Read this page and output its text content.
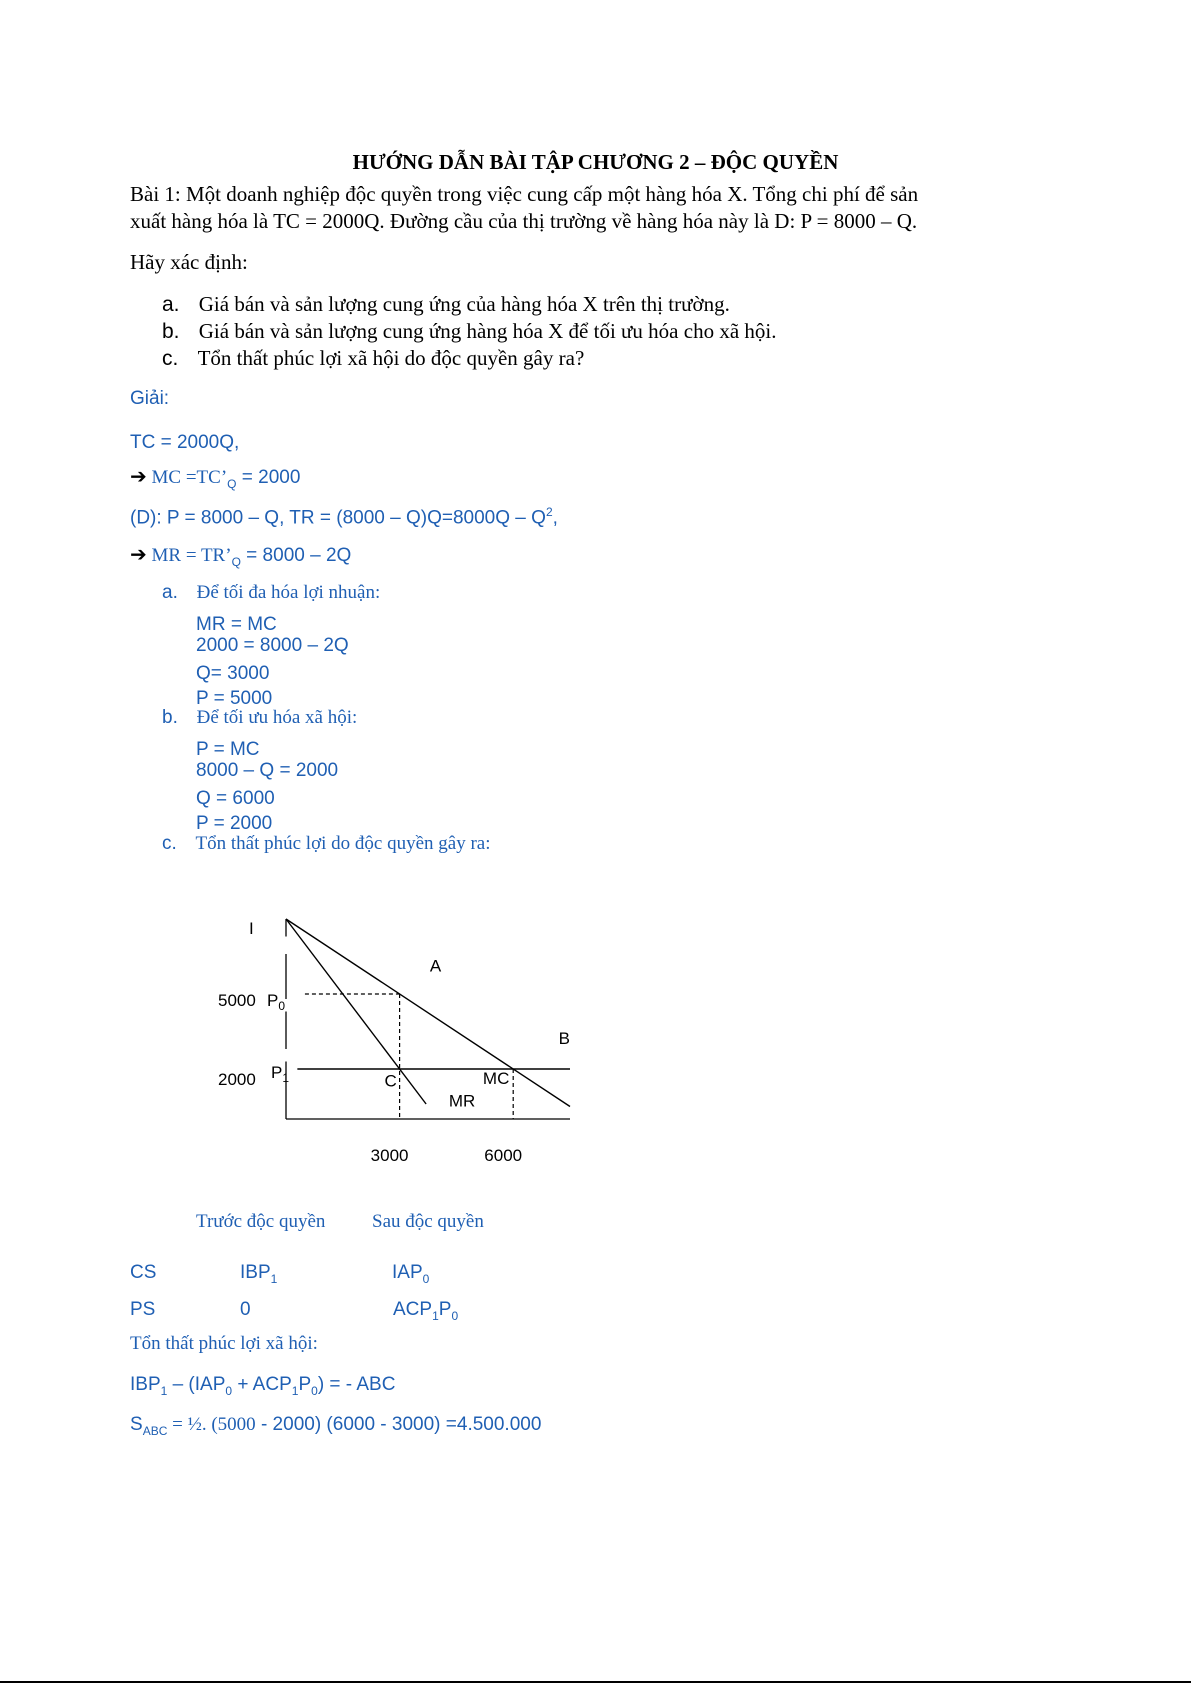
HƯỚNG DẪN BÀI TẬP CHƯƠNG 2 – ĐỘC QUYỀN
Bài 1: Một doanh nghiệp độc quyền trong việc cung cấp một hàng hóa X. Tổng chi phí để sản
xuất hàng hóa là TC = 2000Q. Đường cầu của thị trường về hàng hóa này là D: P = 8000 – Q.
Hãy xác định:
a. Giá bán và sản lượng cung ứng của hàng hóa X trên thị trường.
b. Giá bán và sản lượng cung ứng hàng hóa X để tối ưu hóa cho xã hội.
c. Tổn thất phúc lợi xã hội do độc quyền gây ra?
Giải:
TC = 2000Q,
➔ MC $=TC’_Q = 2000$
(D): P = 8000 – Q, TR = $(8000 - Q)Q=8000Q - Q^2$,
➔ MR = $TR’_Q = 8000 - 2Q$
a. Để tối đa hóa lợi nhuận:
MR = MC
2000 = 8000 – 2Q
Q= 3000
P = 5000
b. Để tối ưu hóa xã hội:
P = MC
8000 – Q = 2000
Q = 6000
P = 2000
c. Tổn thất phúc lợi do độc quyền gây ra:
I
5000 $P_0$
2000 $P_1$
3000	6000
A
B
C	MC
MR
Trước độc quyền Sau độc quyền
CS	$IBP_1$	$IAP_0$
PS	0	$ACP_1P_0$
Tổn thất phúc lợi xã hội:
$IBP_1 - (IAP_0 + ACP_1P_0)$ = - ABC
$S_{ABC}$ = ½. (5000 - 2000) (6000 - 3000) =4.500.000
